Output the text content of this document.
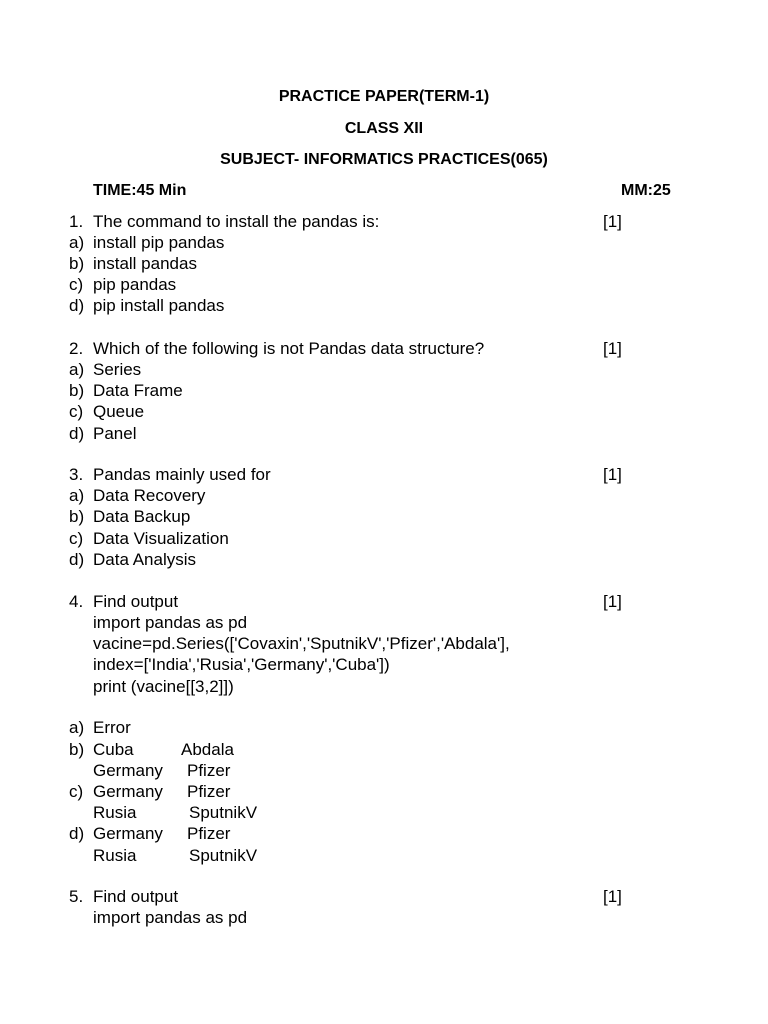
PRACTICE PAPER(TERM-1)
CLASS XII
SUBJECT- INFORMATICS PRACTICES(065)
TIME:45 Min	MM:25
1. The command to install the pandas is:	[1]
a) install pip pandas
b) install pandas
c) pip pandas
d) pip install pandas
2. Which of the following is not Pandas data structure?	[1]
a) Series
b) Data Frame
c) Queue
d) Panel
3. Pandas mainly used for	[1]
a) Data Recovery
b) Data Backup
c) Data Visualization
d) Data Analysis
4. Find output	[1]
import pandas as pd
vacine=pd.Series(['Covaxin','SputnikV','Pfizer','Abdala'],
index=['India','Rusia','Germany','Cuba'])
print (vacine[[3,2]])
a) Error
b) Cuba	Abdala
Germany Pfizer
c) Germany Pfizer
Rusia	SputnikV
d) Germany Pfizer
Rusia	SputnikV
5. Find output	[1]
import pandas as pd
